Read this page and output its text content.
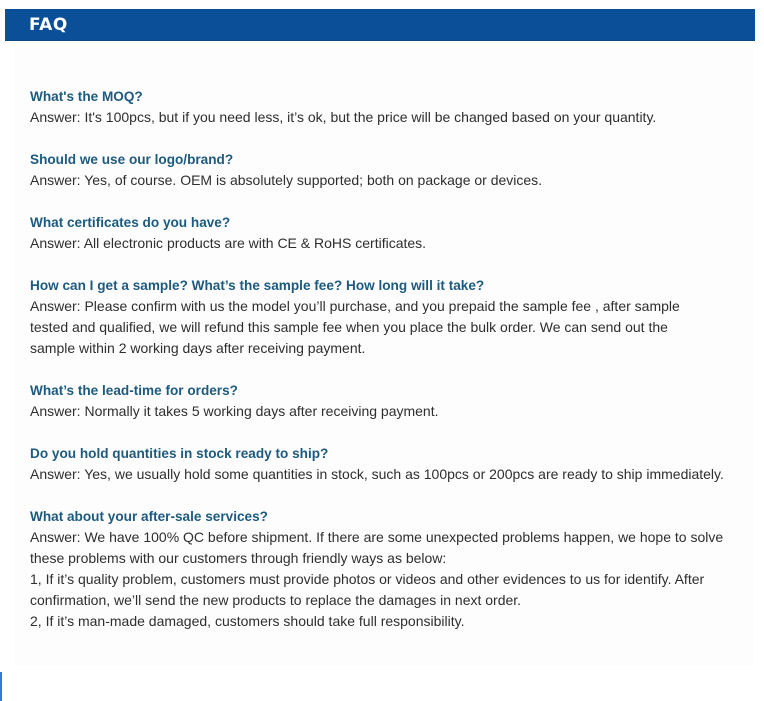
FAQ
What's the MOQ?
Answer: It's 100pcs, but if you need less, it’s ok, but the price will be changed based on your quantity.
Should we use our logo/brand?
Answer: Yes, of course. OEM is absolutely supported; both on package or devices.
What certificates do you have?
Answer: All electronic products are with CE & RoHS certificates.
How can I get a sample? What’s the sample fee? How long will it take?
Answer: Please confirm with us the model you’ll purchase, and you prepaid the sample fee , after sample
tested and qualified, we will refund this sample fee when you place the bulk order. We can send out the
sample within 2 working days after receiving payment.
What’s the lead-time for orders?
Answer: Normally it takes 5 working days after receiving payment.
Do you hold quantities in stock ready to ship?
Answer: Yes, we usually hold some quantities in stock, such as 100pcs or 200pcs are ready to ship immediately.
What about your after-sale services?
Answer: We have 100% QC before shipment. If there are some unexpected problems happen, we hope to solve
these problems with our customers through friendly ways as below:
1, If it’s quality problem, customers must provide photos or videos and other evidences to us for identify. After
confirmation, we’ll send the new products to replace the damages in next order.
2, If it’s man-made damaged, customers should take full responsibility.
